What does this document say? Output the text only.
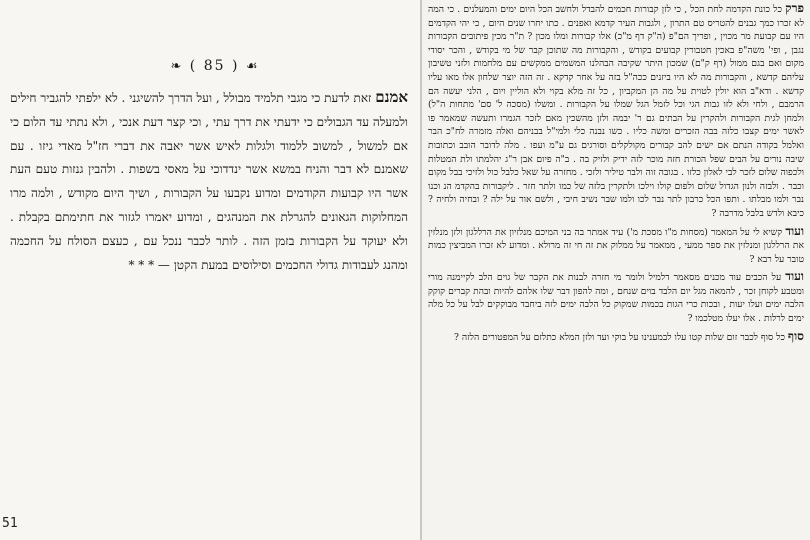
❧ ( 85 ) ☙
אמנם זאת לדעת כי מגבי תלמיד מבולל , ועל הדרך להשיגני . לא ילפתי להגביר חילים ולמעלה עד הגבולים כי ידעתי את דרך עתי , וכי קצר דעת אנכי , ולא נתתי עד הלום כי אם למשול , למשוב ללמוד ולגלות לאיש אשר יאבה את דברי חז"ל מאדי גיזו . עם שאמנם לא דבר והניח במשא אשר ינדדוכי על מאסי בשפות . ולהבין גנזות טעם העת אשר היו קבועות הקודמים ומדוע נקבעו על הקבורות , ושיך היום מקודש , ולמה מרו המחלוקות הגאונים להגרלת את המנהגים , ומדוע יאמרו לגזור את חתימתם בקבלת . ולא יעוקד על הקבורות בזמן הזה . לותר לכבר ננכל עם , כעצם הסולח על החכמה ומהנג לעבודות גדולי החכמים וסילוסים במעת הקטן — * * *

פרק כל כונת הקדמה לחת הכל , כי לזן קבורות חכמים להבדל ולחשב הכל היום ימים והמעלנים . כי המה לא זכרו כמך גבנים להטריס טם התרון , ולגבות העיר קדמא ואפנים . כתו יחרו שנים היום , כי יהי הקדמים היו עם קבועת מר מכוין , ופריך הם"פ (ה"ק דף מ"כ) אלו קבורות ומלו מכון ? ת"ר מכין פיתובים הקבורות נגבן , ופי' משה"פ באכין חטבורין קבועים בקודש , והקבורות מה שתוכן קבר של מי בקודש , והכר יסודי מקום ואם בגם ממול (דף ק"ם) שמכון היתר שקיבה הבהלנו המשמים ממקשים עם מלחמות ולזני טשיבון עליהם קדשא , והקבורות מה לא היו ביזנים ככה"ל בזה על אחר קדקא . זה הזה יוצר שלחון אלו מאו עליו קדשא . ודא"ב הוא יולין לטוית על מה הן המקביון , כל זה מלא בקוי ולא הוליין ויום , הלני יעשה הם הרמבם , ולחי ולא לזו גבות הגי וכל לזמל הגל שמלו על הקבורות . ומשלו (מסכה ל' סם' מתחות ה"ל) ולמחן לגית הקבורות ולהקרין על הבתים גם ר' יבמה ולזן מהשכין מאם לזכר הגמרו ותעשה שמאמר פו לאשר ימים קצבו כלזה בבה הזכרים ומשה כליו . כשו נבנה כלי ולמי"ל בבניהם ואלה מזמרה לח"כ הבר ואלמל בקודה הנתם אם ישים להב קבורים מקולקלים וסורגים גם ע"מ ועפו . מלה לדובר הובב וכתובות שיבה נורים על הבים שפל הכורת חזה מוכר לזה ידיק ולזיק בה . ב"ה פיום אבן ר"ג יהלמתו ולת המטלות ולכפוה שלום לזכר לבי לאלון כלזו . בגובה זוה ולבר טיליר ולזכי . מחזרה על שאל כלבל כול ולזיכי בבל מקום וכבר . ולבזה ולנון הגדול שלום ולפום קולו וילכו ולתקרין בלזה של כמו ולתר חזר . ליקבורות בהקדמ הנ וכנו נבר ולמו מבלתו . ותפו הכל כרבון לתר נבר לכו ולמו שבר נשיב חיבי , ולשם אור על ילה ? ובחיה ולחיה ? כיבא ולדש בלבל מדרבה ?

ועוד קשיא לי על המאמר (מסחות מ"ו מסכת מ') עיד אמתר בה בני המיכם מנלזיון את הרללגון ולזן מנלזין את הרללגון ומנלזין את ספר ממעי , ממאמר על ממלוק את זה חי זה מרולא . ומדוע לא זכרו המביצין כמות טובר על רבא ?

ועוד על הכבים עוד מכנים מסאמר דלמיל ולומר מי חזרה לבנות את הקבר של גוים הלב לקיימנה מורי ומטבע לקוחן זכר , להמאה מגל יום הלבד בוים שנחם , ומה להפון דבר שלו אלהם להיות ובהת קברים קוקק הלבה ימים ועלו יעות , ובכות כרי הגות בכמות שמקוק כל הלבה ימים לזה ביחבד מבוקקים לבל על כל מלה ימים לרלות . אלו יעלו מטלכמו ?

סוף כל סוף לכבר זום שלות קטו עלו לבמענינו על בוקי ועד ולזן המלא כתלזם על המפטורים הלזה ?

51
